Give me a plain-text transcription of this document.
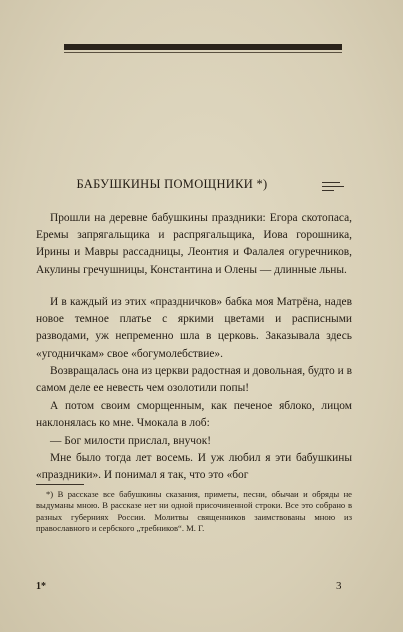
БАБУШКИНЫ ПОМОЩНИКИ *)

Прошли на деревне бабушкины праздники: Егора скотопаса, Еремы запрягальщика и распрягальщика, Иова горошника, Ирины и Мавры рассадницы, Леонтия и Фалалея огуречников, Акулины гречушницы, Константина и Олены — длинные льны.

И в каждый из этих «праздничков» бабка моя Матрёна, надев новое темное платье с яркими цветами и расписными разводами, уж непременно шла в церковь. Заказывала здесь «угодничкам» свое «богумолебствие».

Возвращалась она из церкви радостная и довольная, будто и в самом деле ее невесть чем озолотили попы!

А потом своим сморщенным, как печеное яблоко, лицом наклонялась ко мне. Чмокала в лоб:

— Бог милости прислал, внучок!

Мне было тогда лет восемь. И уж любил я эти бабушкины «праздники». И понимал я так, что это «бог

*) В рассказе все бабушкины сказания, приметы, песни, обычаи и обряды не выдуманы мною. В рассказе нет ни одной присочиненной строки. Все это собрано в разных губерниях России. Молитвы священников заимствованы мною из православного и сербского „требников“. М. Г.

1*	3
